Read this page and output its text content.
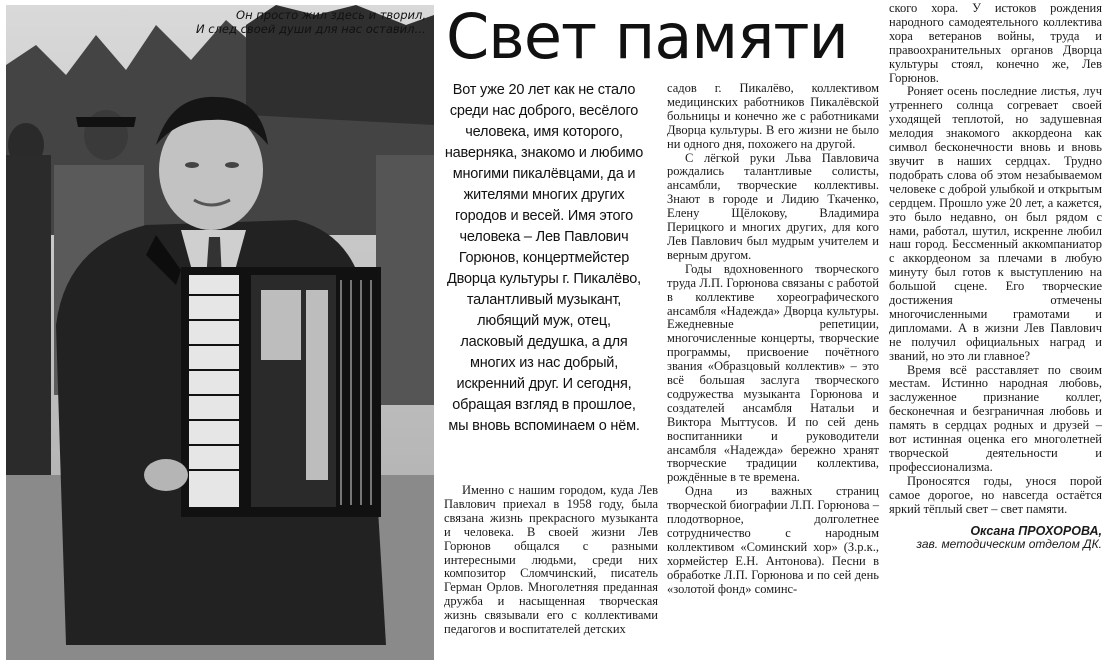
Он просто жил здесь и творил,
И след своей души для нас оставил… Свет памяти

Вот уже 20 лет как не стало среди нас доброго, весёлого человека, имя которого, наверняка, знакомо и любимо многими пикалёвцами, да и жителями многих других городов и весей. Имя этого человека – Лев Павлович Горюнов, концертмейстер Дворца культуры г. Пикалёво, талантливый музыкант, любящий муж, отец, ласковый дедушка, а для многих из нас добрый, искренний друг. И сегодня, обращая взгляд в прошлое, мы вновь вспоминаем о нём.

Именно с нашим городом, куда Лев Павлович приехал в 1958 году, была связана жизнь прекрасного музыканта и человека. В своей жизни Лев Горюнов общался с разными интересными людьми, среди них композитор Сломчинский, писатель Герман Орлов. Многолетняя преданная дружба и насыщенная творческая жизнь связывали его с коллективами педагогов и воспитателей детских

садов г. Пикалёво, коллективом медицинских работников Пикалёвской больницы и конечно же с работниками Дворца культуры. В его жизни не было ни одного дня, похожего на другой.

С лёгкой руки Льва Павловича рождались талантливые солисты, ансамбли, творческие коллективы. Знают в городе и Лидию Ткаченко, Елену Щёлокову, Владимира Перицкого и многих других, для кого Лев Павлович был мудрым учителем и верным другом.

Годы вдохновенного творческого труда Л.П. Горюнова связаны с работой в коллективе хореографического ансамбля «Надежда» Дворца культуры. Ежедневные репетиции, многочисленные концерты, творческие программы, присвоение почётного звания «Образцовый коллектив» – это всё большая заслуга творческого содружества музыканта Горюнова и создателей ансамбля Натальи и Виктора Мыттусов. И по сей день воспитанники и руководители ансамбля «Надежда» бережно хранят творческие традиции коллектива, рождённые в те времена.

Одна из важных страниц творческой биографии Л.П. Горюнова – плодотворное, долголетнее сотрудничество с народным коллективом «Соминский хор» (З.р.к., хормейстер Е.Н. Антонова). Песни в обработке Л.П. Горюнова и по сей день «золотой фонд» соминс-

ского хора. У истоков рождения народного самодеятельного коллектива хора ветеранов войны, труда и правоохранительных органов Дворца культуры стоял, конечно же, Лев Горюнов.

Роняет осень последние листья, луч утреннего солнца согревает своей уходящей теплотой, но задушевная мелодия знакомого аккордеона как символ бесконечности вновь и вновь звучит в наших сердцах. Трудно подобрать слова об этом незабываемом человеке с доброй улыбкой и открытым сердцем. Прошло уже 20 лет, а кажется, это было недавно, он был рядом с нами, работал, шутил, искренне любил наш город. Бессменный аккомпаниатор с аккордеоном за плечами в любую минуту был готов к выступлению на большой сцене. Его творческие достижения отмечены многочисленными грамотами и дипломами. А в жизни Лев Павлович не получил официальных наград и званий, но это ли главное?

Время всё расставляет по своим местам. Истинно народная любовь, заслуженное признание коллег, бесконечная и безграничная любовь и память в сердцах родных и друзей – вот истинная оценка его многолетней творческой деятельности и профессионализма.

Проносятся годы, унося порой самое дорогое, но навсегда остаётся яркий тёплый свет – свет памяти.

Оксана ПРОХОРОВА,
зав. методическим отделом ДК.
